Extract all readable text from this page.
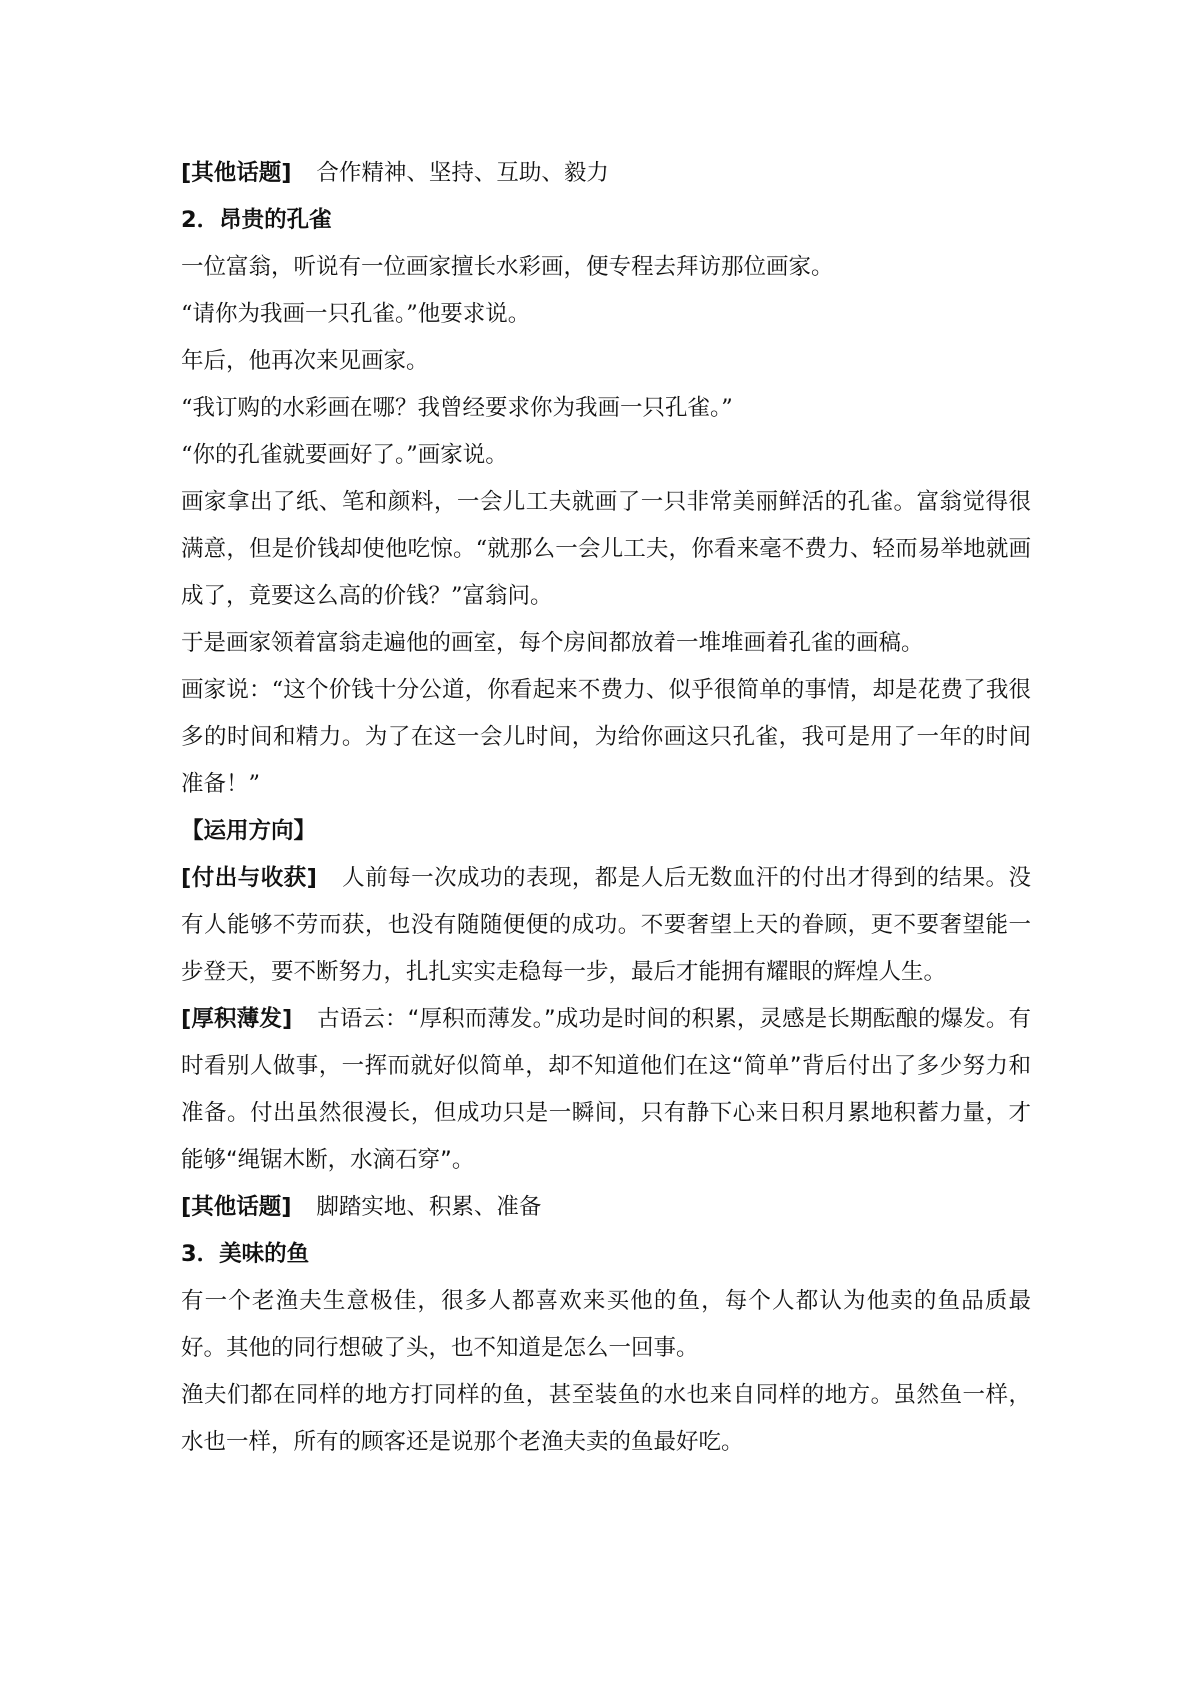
[其他话题] 合作精神、坚持、互助、毅力
2．昂贵的孔雀

一位富翁，听说有一位画家擅长水彩画，便专程去拜访那位画家。

“请你为我画一只孔雀。”他要求说。

年后，他再次来见画家。

“我订购的水彩画在哪？我曾经要求你为我画一只孔雀。”

“你的孔雀就要画好了。”画家说。

画家拿出了纸、笔和颜料，一会儿工夫就画了一只非常美丽鲜活的孔雀。富翁觉得很满意，但是价钱却使他吃惊。“就那么一会儿工夫，你看来毫不费力、轻而易举地就画成了，竟要这么高的价钱？”富翁问。

于是画家领着富翁走遍他的画室，每个房间都放着一堆堆画着孔雀的画稿。

画家说：“这个价钱十分公道，你看起来不费力、似乎很简单的事情，却是花费了我很多的时间和精力。为了在这一会儿时间，为给你画这只孔雀，我可是用了一年的时间准备！”

【运用方向】

[付出与收获] 人前每一次成功的表现，都是人后无数血汗的付出才得到的结果。没有人能够不劳而获，也没有随随便便的成功。不要奢望上天的眷顾，更不要奢望能一步登天，要不断努力，扎扎实实走稳每一步，最后才能拥有耀眼的辉煌人生。

[厚积薄发] 古语云：“厚积而薄发。”成功是时间的积累，灵感是长期酝酿的爆发。有时看别人做事，一挥而就好似简单，却不知道他们在这“简单”背后付出了多少努力和准备。付出虽然很漫长，但成功只是一瞬间，只有静下心来日积月累地积蓄力量，才能够“绳锯木断，水滴石穿”。

[其他话题] 脚踏实地、积累、准备
3．美味的鱼

有一个老渔夫生意极佳，很多人都喜欢来买他的鱼，每个人都认为他卖的鱼品质最好。其他的同行想破了头，也不知道是怎么一回事。

渔夫们都在同样的地方打同样的鱼，甚至装鱼的水也来自同样的地方。虽然鱼一样，水也一样，所有的顾客还是说那个老渔夫卖的鱼最好吃。
